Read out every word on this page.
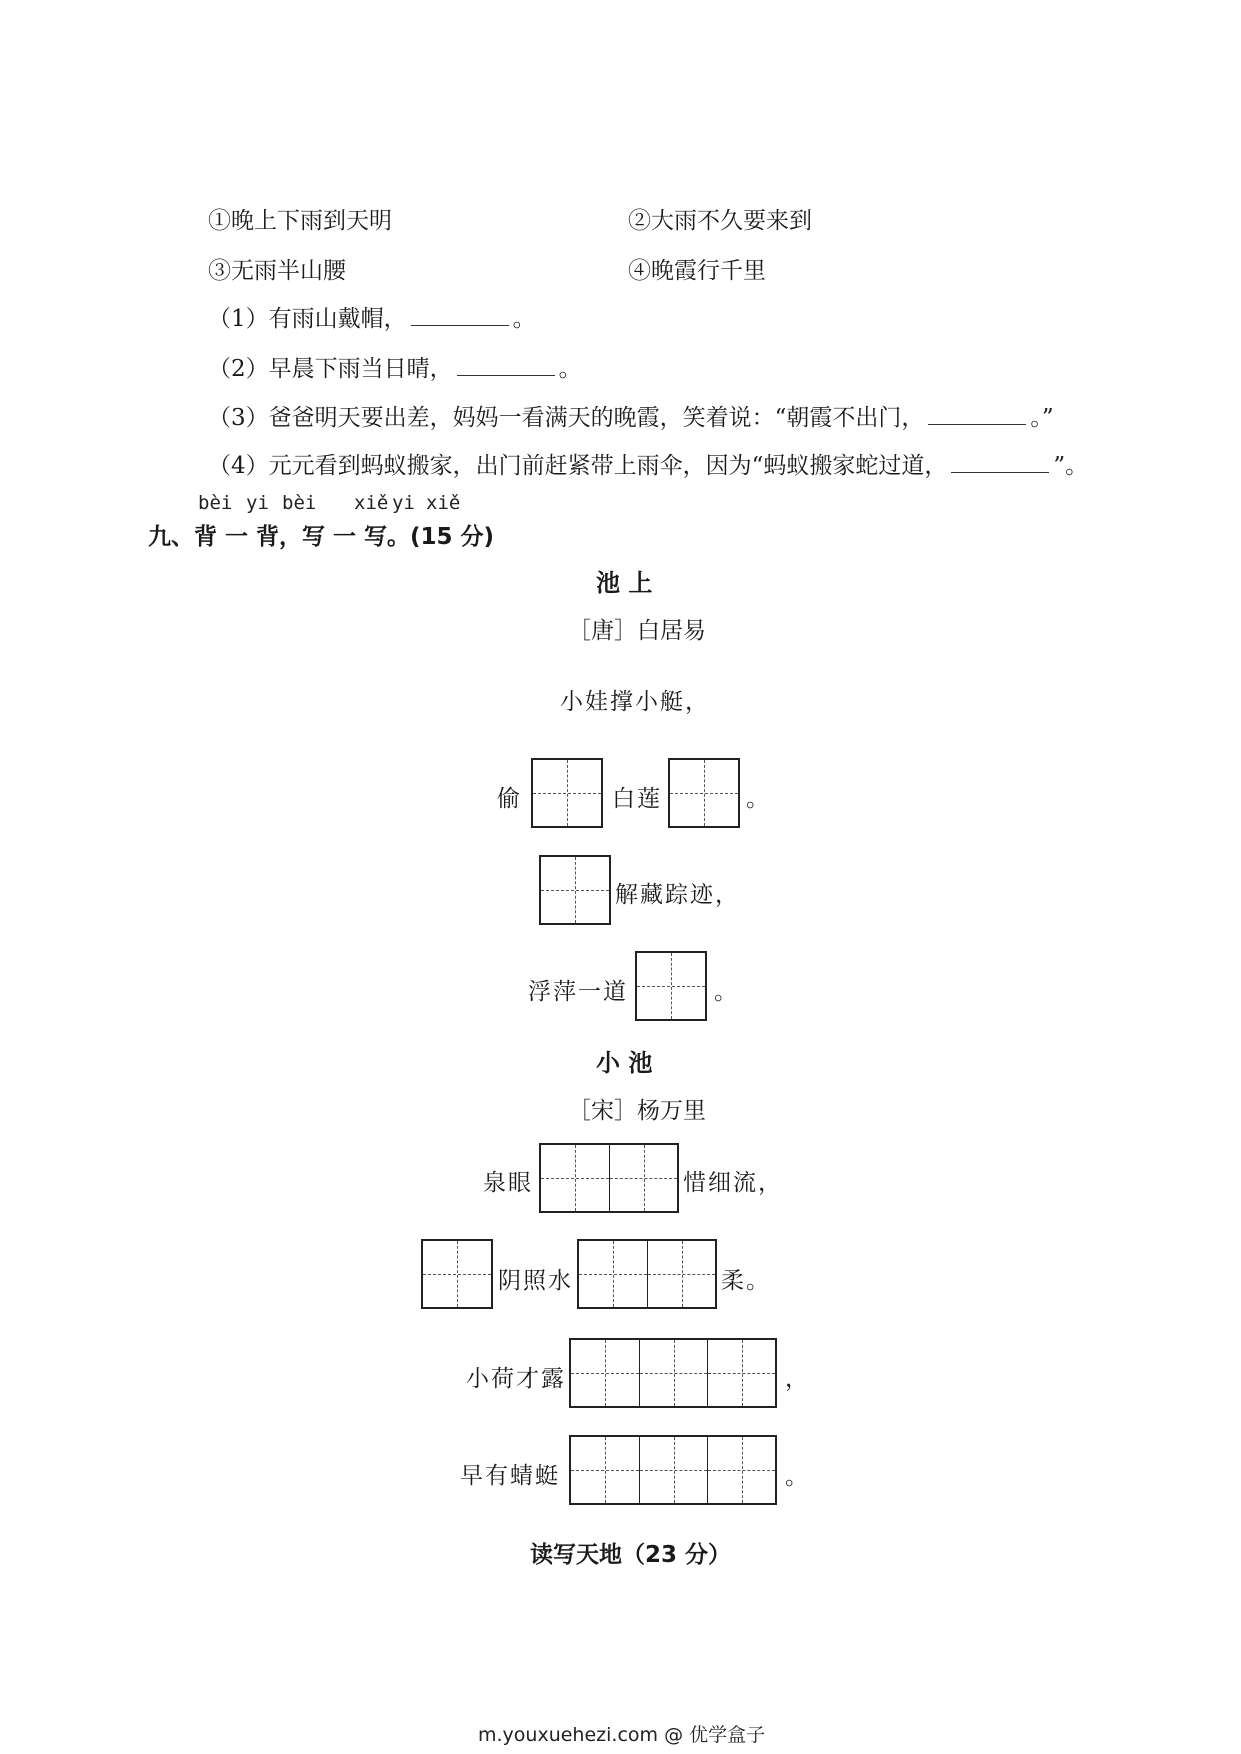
①晚上下雨到天明	②大雨不久要来到
③无雨半山腰	④晚霞行千里
（1）有雨山戴帽，	。
（2）早晨下雨当日晴，	。
（3）爸爸明天要出差，妈妈一看满天的晚霞，笑着说：“朝霞不出门，	。”
（4）元元看到蚂蚁搬家，出门前赶紧带上雨伞，因为“蚂蚁搬家蛇过道，	”。
bèi yi bèi xiě yi xiě
九、背 一 背，写 一 写。(15 分)
池 上
［唐］白居易
小娃撑小艇，
偷	白莲	。
解藏踪迹，
浮萍一道	。
小 池
［宋］杨万里
泉眼	惜细流，
阴照水	柔。
小荷才露	，
早有蜻蜓	。
读写天地（23 分）
m.youxuehezi.com @ 优学盒子
